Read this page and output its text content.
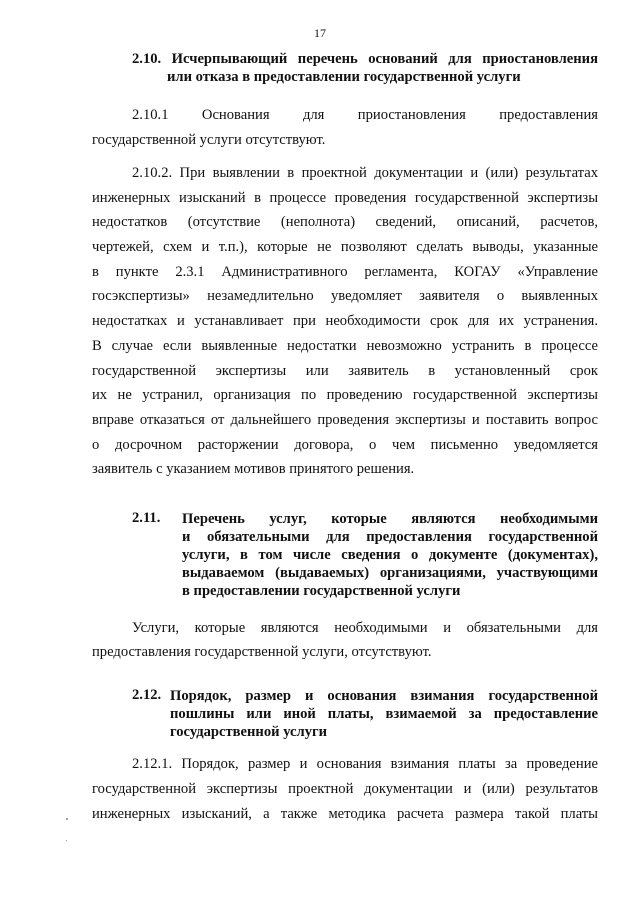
17
2.10. Исчерпывающий перечень оснований для приостановления
или отказа в предоставлении государственной услуги
2.10.1 Основания для приостановления предоставления
государственной услуги отсутствуют.
2.10.2. При выявлении в проектной документации и (или) результатах
инженерных изысканий в процессе проведения государственной экспертизы
недостатков (отсутствие (неполнота) сведений, описаний, расчетов,
чертежей, схем и т.п.), которые не позволяют сделать выводы, указанные
в пункте 2.3.1 Административного регламента, КОГАУ «Управление
госэкспертизы» незамедлительно уведомляет заявителя о выявленных
недостатках и устанавливает при необходимости срок для их устранения.
В случае если выявленные недостатки невозможно устранить в процессе
государственной экспертизы или заявитель в установленный срок
их не устранил, организация по проведению государственной экспертизы
вправе отказаться от дальнейшего проведения экспертизы и поставить вопрос
о досрочном расторжении договора, о чем письменно уведомляется
заявитель с указанием мотивов принятого решения.
2.11. Перечень услуг, которые являются необходимыми
и обязательными для предоставления государственной
услуги, в том числе сведения о документе (документах),
выдаваемом (выдаваемых) организациями, участвующими
в предоставлении государственной услуги
Услуги, которые являются необходимыми и обязательными для
предоставления государственной услуги, отсутствуют.
2.12. Порядок, размер и основания взимания государственной
пошлины или иной платы, взимаемой за предоставление
государственной услуги
2.12.1. Порядок, размер и основания взимания платы за проведение
государственной экспертизы проектной документации и (или) результатов
инженерных изысканий, а также методика расчета размера такой платы
